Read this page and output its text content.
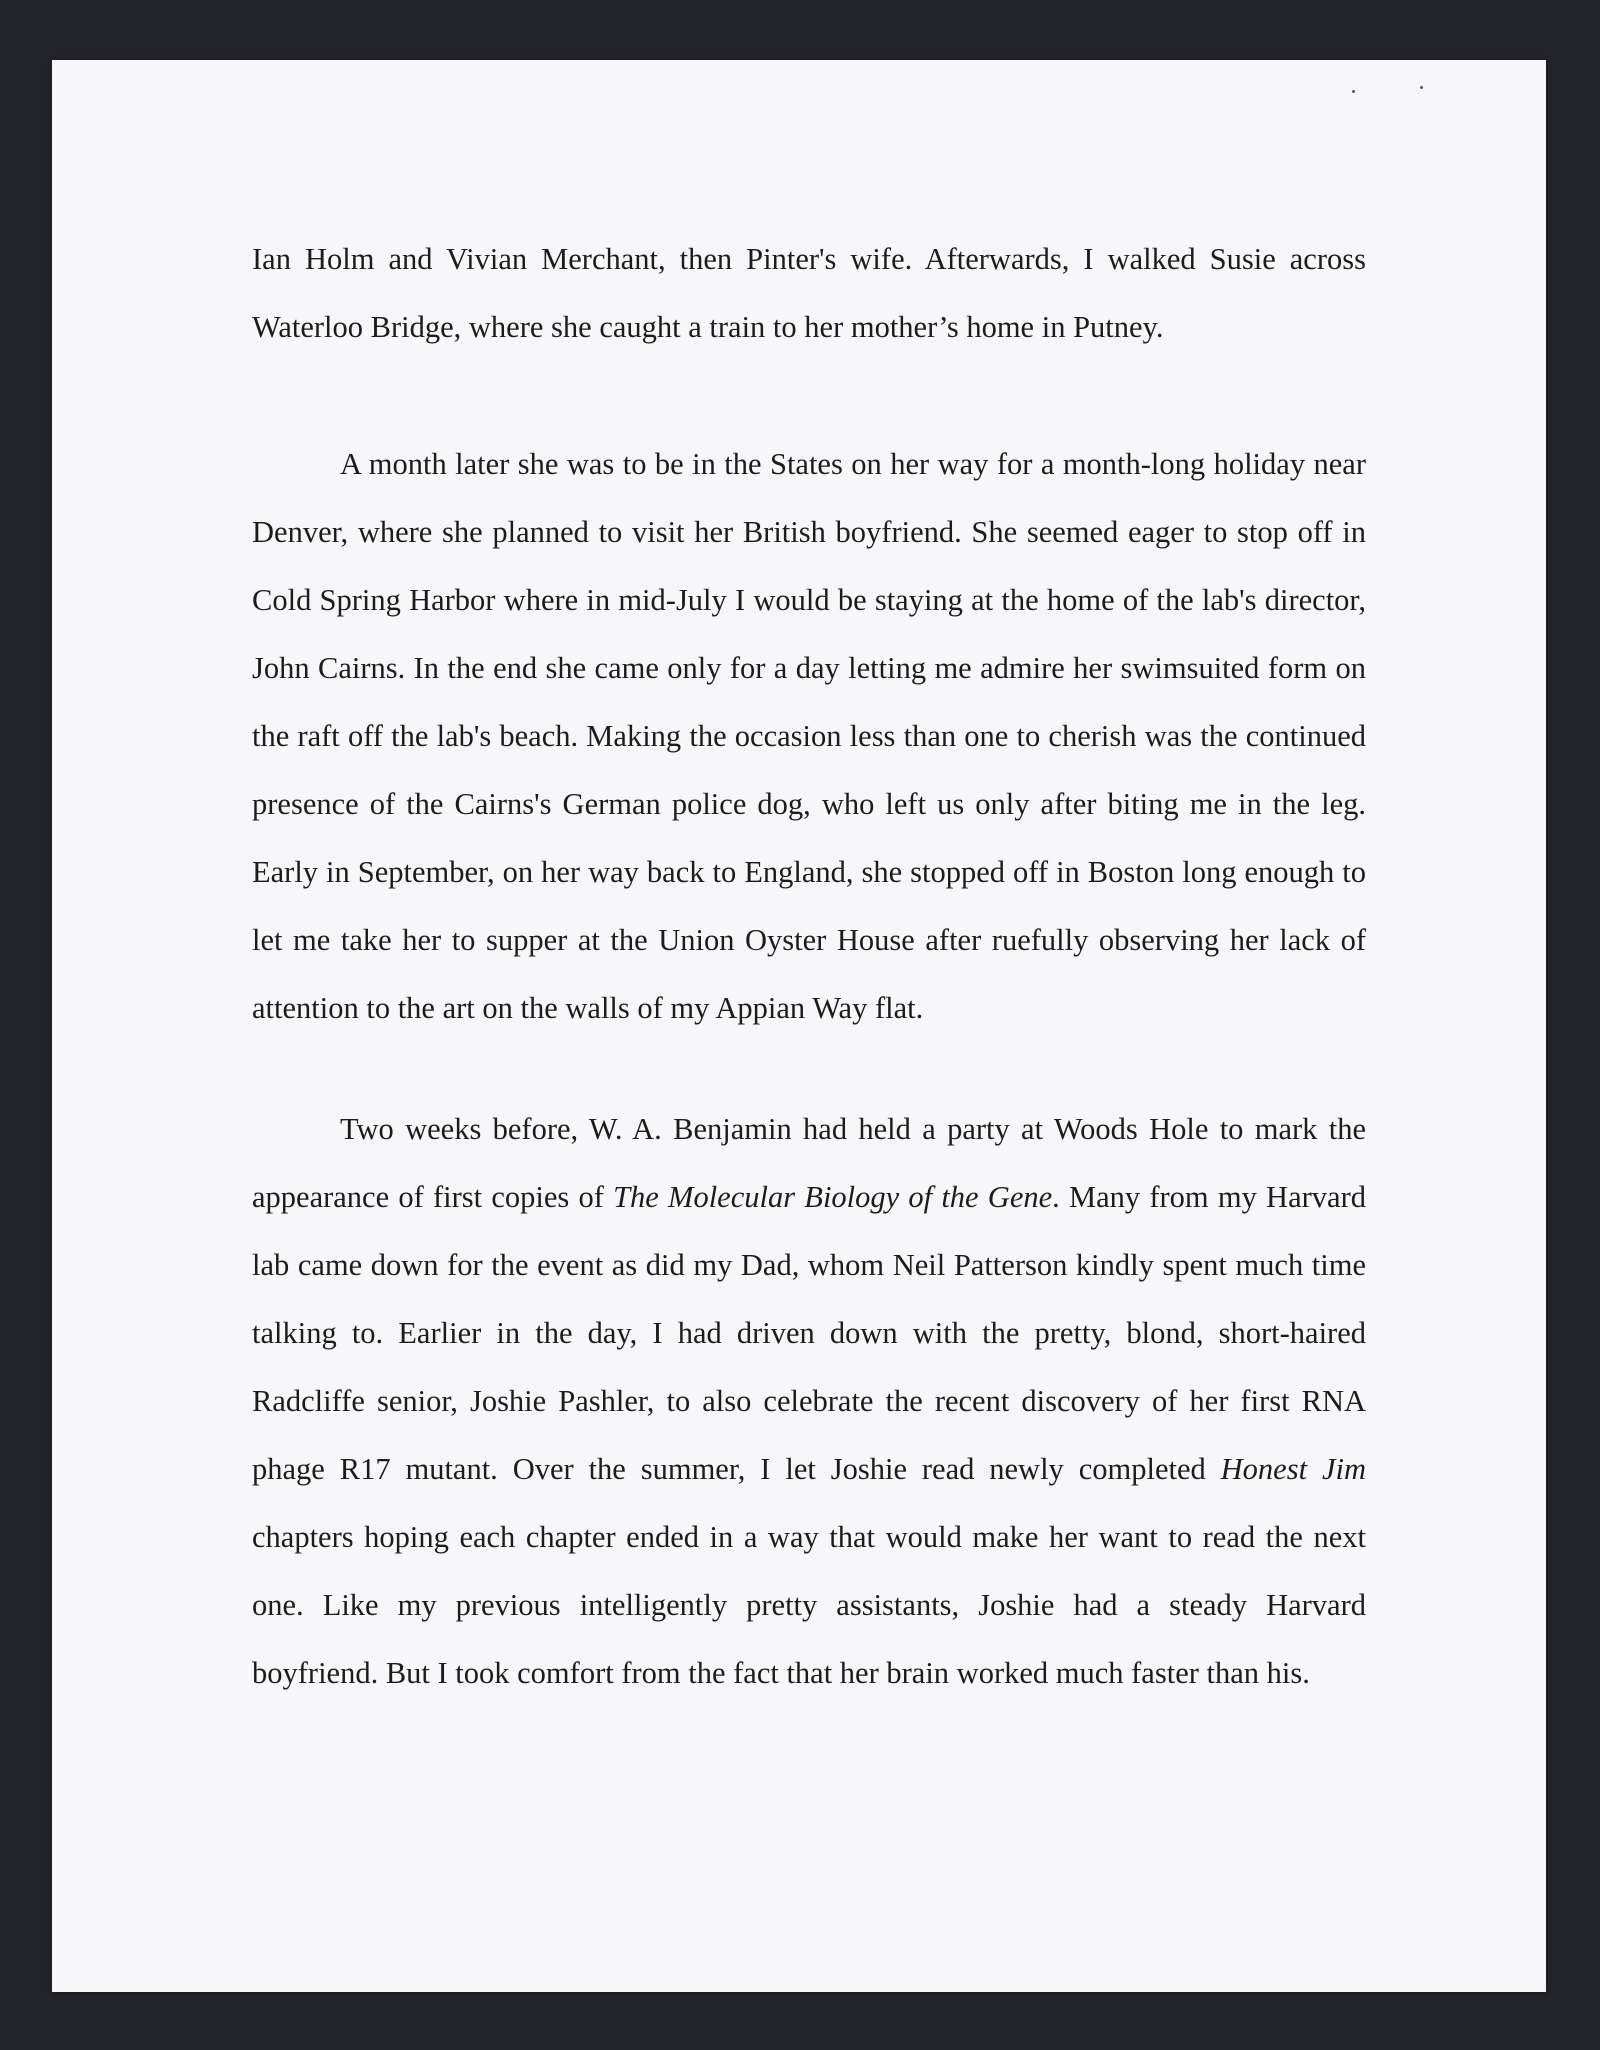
Ian Holm and Vivian Merchant, then Pinter's wife. Afterwards, I walked Susie across Waterloo Bridge, where she caught a train to her mother’s home in Putney.

A month later she was to be in the States on her way for a month-long holiday near Denver, where she planned to visit her British boyfriend. She seemed eager to stop off in Cold Spring Harbor where in mid-July I would be staying at the home of the lab's director, John Cairns. In the end she came only for a day letting me admire her swimsuited form on the raft off the lab's beach. Making the occasion less than one to cherish was the continued presence of the Cairns's German police dog, who left us only after biting me in the leg. Early in September, on her way back to England, she stopped off in Boston long enough to let me take her to supper at the Union Oyster House after ruefully observing her lack of attention to the art on the walls of my Appian Way flat.

Two weeks before, W. A. Benjamin had held a party at Woods Hole to mark the appearance of first copies of The Molecular Biology of the Gene. Many from my Harvard lab came down for the event as did my Dad, whom Neil Patterson kindly spent much time talking to. Earlier in the day, I had driven down with the pretty, blond, short-haired Radcliffe senior, Joshie Pashler, to also celebrate the recent discovery of her first RNA phage R17 mutant. Over the summer, I let Joshie read newly completed Honest Jim chapters hoping each chapter ended in a way that would make her want to read the next one. Like my previous intelligently pretty assistants, Joshie had a steady Harvard boyfriend. But I took comfort from the fact that her brain worked much faster than his.
